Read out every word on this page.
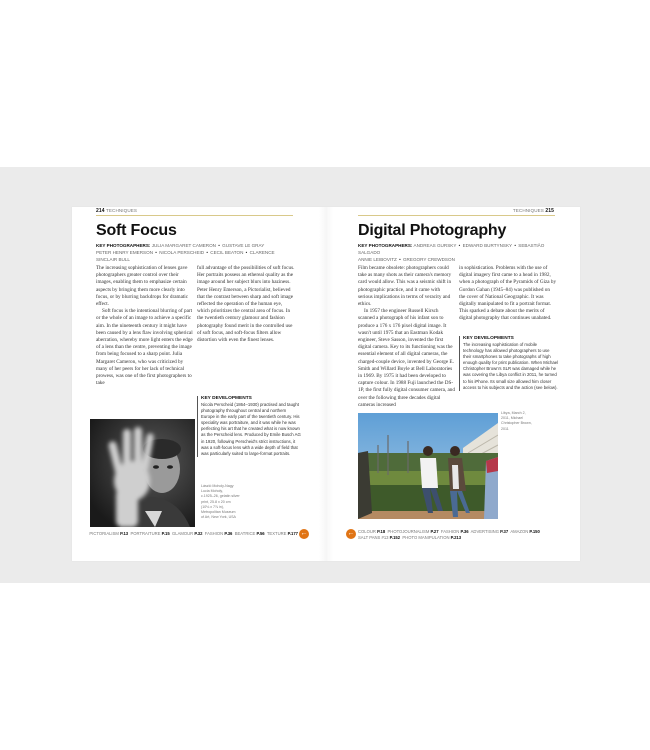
214 TECHNIQUES
Soft Focus
KEY PHOTOGRAPHERS: JULIA MARGARET CAMERON • GUSTAVE LE GRAY
PETER HENRY EMERSON • NICOLA PERSCHEID • CECIL BEATON • CLARENCE SINCLAIR BULL

The increasing sophistication of lenses gave photographers greater control over their images, enabling them to emphasize certain aspects by bringing them more clearly into focus, or by blurring backdrops for dramatic effect.

Soft focus is the intentional blurring of part or the whole of an image to achieve a specific aim. In the nineteenth century it might have been caused by a lens flaw involving spherical aberration, whereby more light enters the edge of a lens than the centre, preventing the image from being focused to a sharp point. Julia Margaret Cameron, who was criticized by many of her peers for her lack of technical prowess, was one of the first photographers to take

full advantage of the possibilities of soft focus. Her portraits possess an ethereal quality as the image around her subject blurs into haziness. Peter Henry Emerson, a Pictorialist, believed that the contrast between sharp and soft image reflected the operation of the human eye, which prioritizes the central area of focus. In the twentieth century glamour and fashion photography found merit in the controlled use of soft focus, and soft-focus filters allow distortion with even the finest lenses.

KEY DEVELOPMENTS
Nicola Perscheid (1864–1930) practised and taught photography throughout central and northern Europe in the early part of the twentieth century. His speciality was portraiture, and it was while he was perfecting his art that he created what is now known as the Perscheid lens. Produced by Emile Busch AG in 1920, following Perscheid's strict instructions, it was a soft-focus lens with a wide depth of field that was particularly suited to large-format portraits.
László Moholy-Nagy
Lucia Moholy,
c.1925–26, gelatin silver
print, 25.8 x 20 cm
(10⅛ x 7⅞ in),
Metropolitan Museum
of Art, New York, USA
PICTORIALISM P.13 PORTRAITURE P.15 GLAMOUR P.32 FASHION P.36 BEATRICE P.56 TEXTURE P.177 ←
TECHNIQUES 215
Digital Photography
KEY PHOTOGRAPHERS: ANDREAS GURSKY • EDWARD BURTYNSKY • SEBASTIÃO SALGADO
ANNIE LEIBOVITZ • GREGORY CREWDSON

Film became obsolete: photographers could take as many shots as their camera's memory card would allow. This was a seismic shift in photographic practice, and it came with serious implications in terms of veracity and ethics.

In 1957 the engineer Russell Kirsch scanned a photograph of his infant son to produce a 176 x 176 pixel digital image. It wasn't until 1975 that an Eastman Kodak engineer, Steve Sasson, invented the first digital camera. Key to its functioning was the essential element of all digital cameras, the charged-couple device, invented by George E. Smith and Willard Boyle at Bell Laboratories in 1969. By 1975 it had been developed to capture colour. In 1988 Fuji launched the DS-1P, the first fully digital consumer camera, and over the following three decades digital cameras increased

in sophistication. Problems with the use of digital imagery first came to a head in 1982, when a photograph of the Pyramids of Giza by Gordon Gahan (1945–84) was published on the cover of National Geographic. It was digitally manipulated to fit a portrait format. This sparked a debate about the merits of digital photography that continues unabated.

KEY DEVELOPMENTS
The increasing sophistication of mobile technology has allowed photographers to use their smartphones to take photographs of high enough quality for print publication. When Michael Christopher Brown's SLR was damaged while he was covering the Libya conflict in 2011, he turned to his iPhone. Its small size allowed him closer access to his subjects and the action (see below).
Libya, March 2,
2011, Michael
Christopher Brown,
2011
← COLOUR P.18 PHOTOJOURNALISM P.27 FASHION P.36 ADVERTISING P.37 AMAZON P.150
SALT PANS #13 P.152 PHOTO MANIPULATION P.213
